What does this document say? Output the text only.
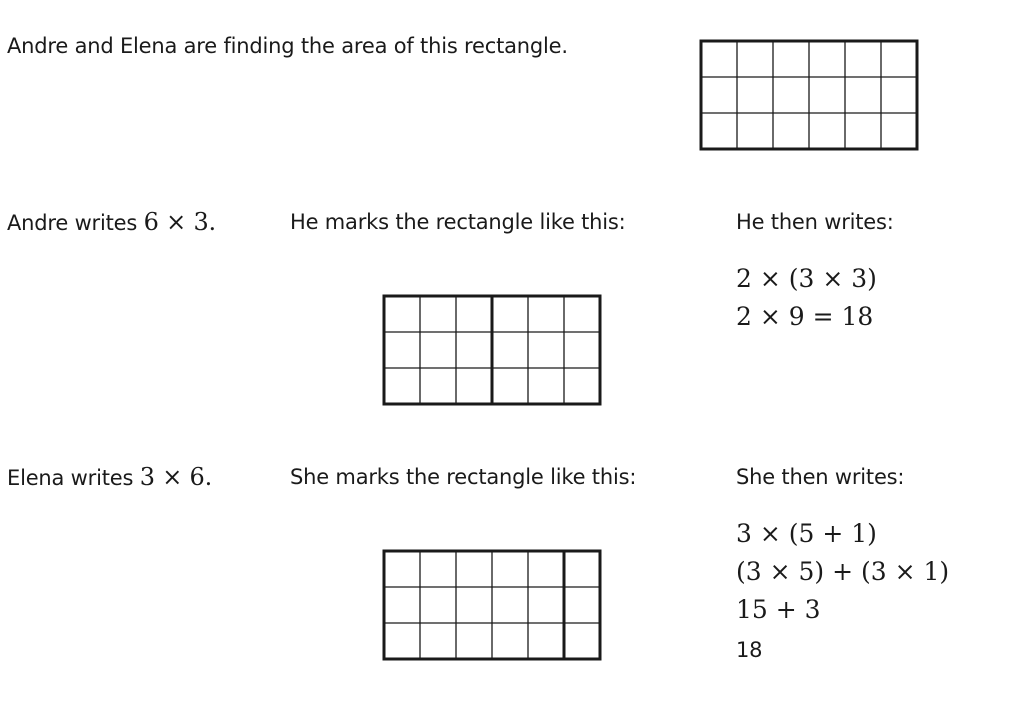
Andre and Elena are finding the area of this rectangle.
Andre writes 6 × 3.	He marks the rectangle like this:	He then writes:
2 × (3 × 3)
2 × 9 = 18
Elena writes 3 × 6.	She marks the rectangle like this:	She then writes:
3 × (5 + 1)
(3 × 5) + (3 × 1)
15 + 3
18
